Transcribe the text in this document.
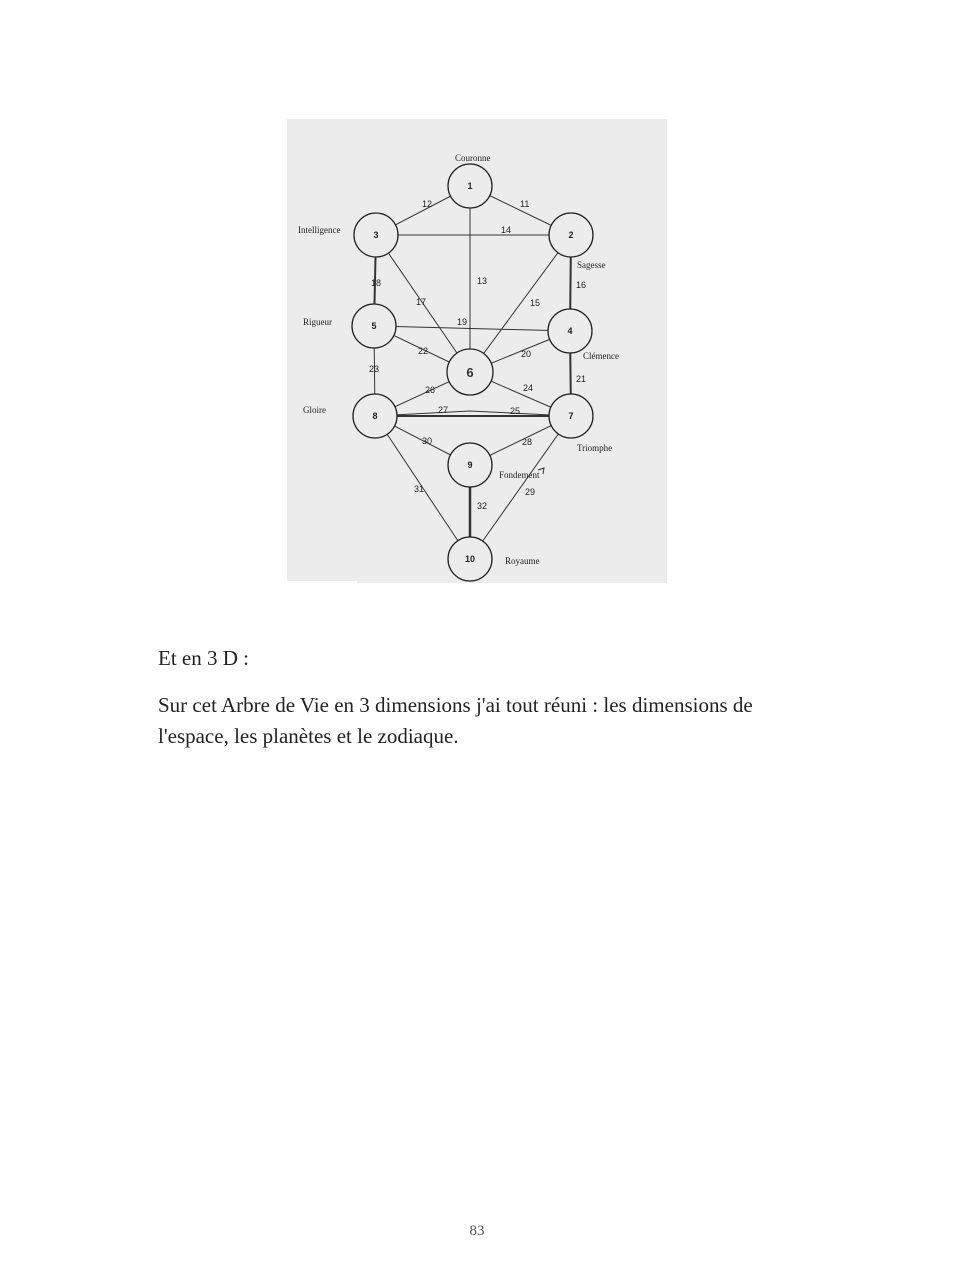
11
12
13
14
15
16
17
18
19
20
21
22
23
24
25
26
27
28
29
30
31
32
1
2
3
4
5
6
7
8
9
10
Couronne
Sagesse
Intelligence
Clémence
Rigueur
Triomphe
Gloire
Fondement
Royaume

Et en 3 D :

Sur cet Arbre de Vie en 3 dimensions j'ai tout réuni : les dimensions de l'espace, les planètes et le zodiaque.

83
